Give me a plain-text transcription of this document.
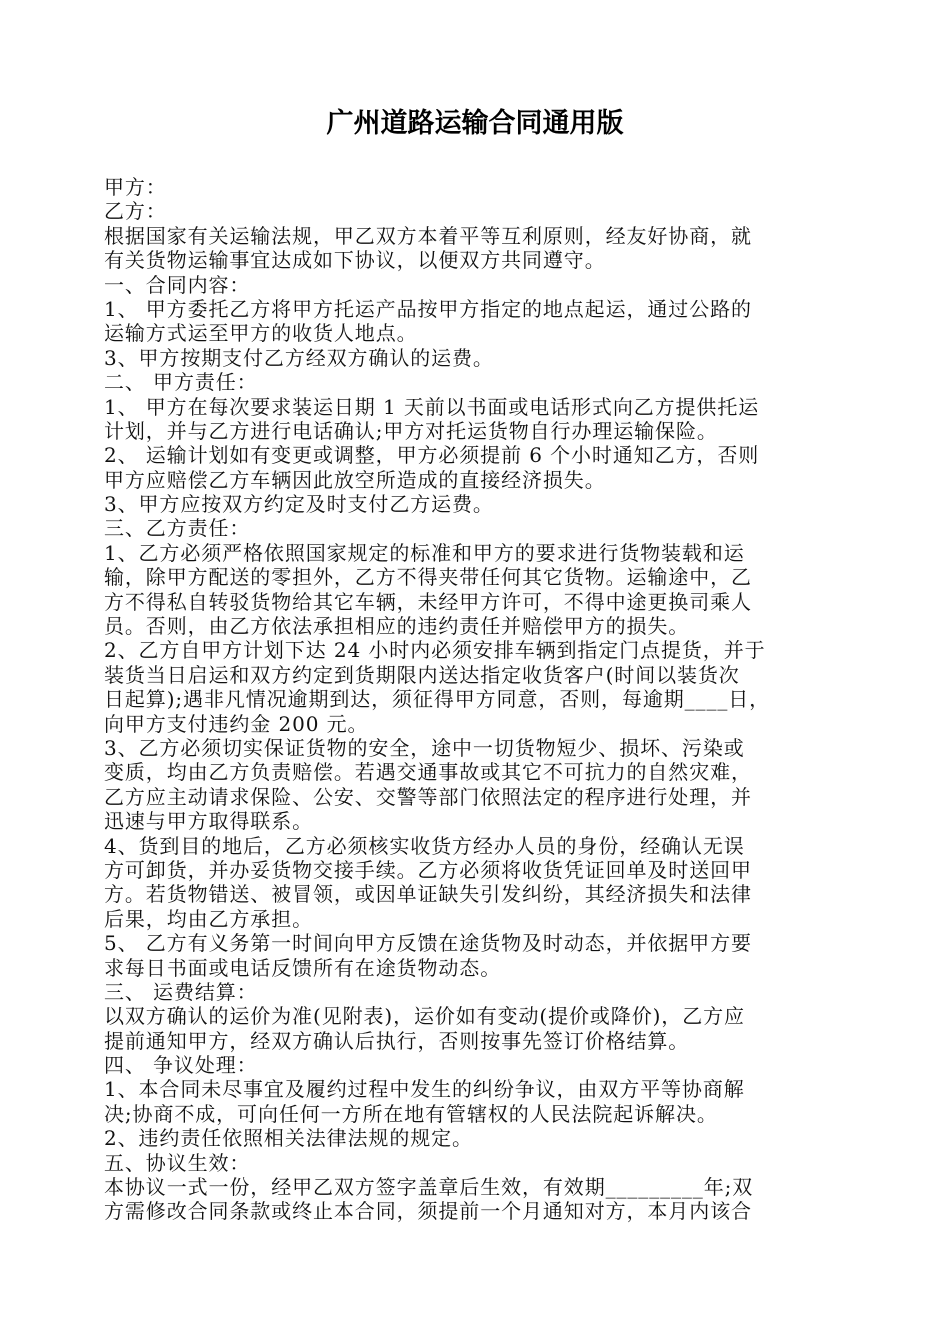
广州道路运输合同通用版
甲方：
乙方：
根据国家有关运输法规，甲乙双方本着平等互利原则，经友好协商，就
有关货物运输事宜达成如下协议，以便双方共同遵守。
一、合同内容：
1、 甲方委托乙方将甲方托运产品按甲方指定的地点起运，通过公路的
运输方式运至甲方的收货人地点。
3、甲方按期支付乙方经双方确认的运费。
二、 甲方责任：
1、 甲方在每次要求装运日期 1 天前以书面或电话形式向乙方提供托运
计划，并与乙方进行电话确认;甲方对托运货物自行办理运输保险。
2、 运输计划如有变更或调整，甲方必须提前 6 个小时通知乙方，否则
甲方应赔偿乙方车辆因此放空所造成的直接经济损失。
3、甲方应按双方约定及时支付乙方运费。
三、乙方责任：
1、乙方必须严格依照国家规定的标准和甲方的要求进行货物装载和运
输，除甲方配送的零担外，乙方不得夹带任何其它货物。运输途中，乙
方不得私自转驳货物给其它车辆，未经甲方许可，不得中途更换司乘人
员。否则，由乙方依法承担相应的违约责任并赔偿甲方的损失。
2、乙方自甲方计划下达 24 小时内必须安排车辆到指定门点提货，并于
装货当日启运和双方约定到货期限内送达指定收货客户(时间以装货次
日起算);遇非凡情况逾期到达，须征得甲方同意，否则，每逾期____日，
向甲方支付违约金 200 元。
3、乙方必须切实保证货物的安全，途中一切货物短少、损坏、污染或
变质，均由乙方负责赔偿。若遇交通事故或其它不可抗力的自然灾难，
乙方应主动请求保险、公安、交警等部门依照法定的程序进行处理，并
迅速与甲方取得联系。
4、货到目的地后，乙方必须核实收货方经办人员的身份，经确认无误
方可卸货，并办妥货物交接手续。乙方必须将收货凭证回单及时送回甲
方。若货物错送、被冒领，或因单证缺失引发纠纷，其经济损失和法律
后果，均由乙方承担。
5、 乙方有义务第一时间向甲方反馈在途货物及时动态，并依据甲方要
求每日书面或电话反馈所有在途货物动态。
三、 运费结算：
以双方确认的运价为准(见附表)，运价如有变动(提价或降价)，乙方应
提前通知甲方，经双方确认后执行，否则按事先签订价格结算。
四、 争议处理：
1、本合同未尽事宜及履约过程中发生的纠纷争议，由双方平等协商解
决;协商不成，可向任何一方所在地有管辖权的人民法院起诉解决。
2、违约责任依照相关法律法规的规定。
五、协议生效：
本协议一式一份，经甲乙双方签字盖章后生效，有效期_________年;双
方需修改合同条款或终止本合同，须提前一个月通知对方，本月内该合
